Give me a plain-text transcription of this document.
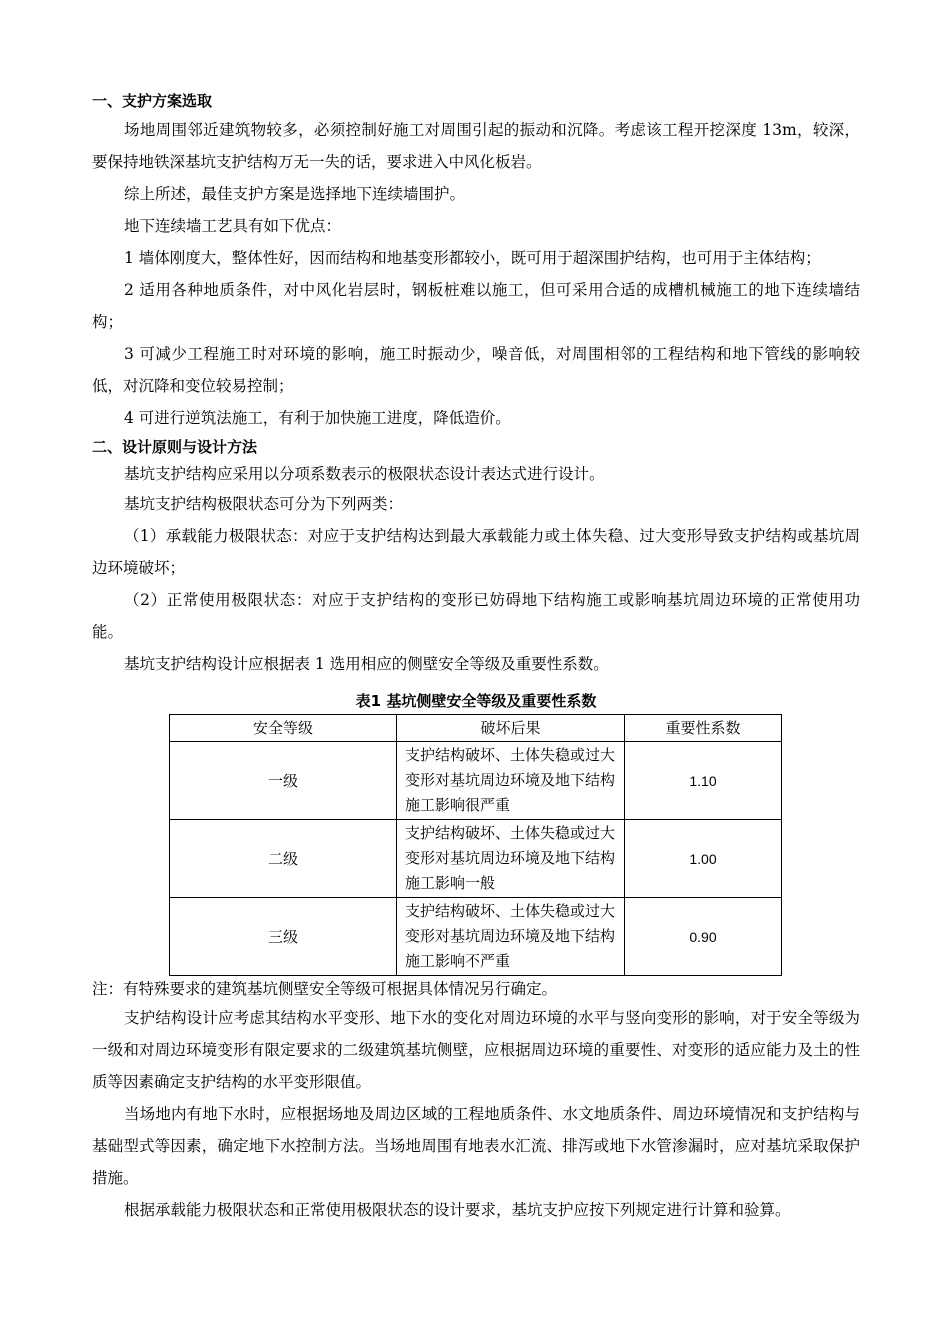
一、支护方案选取

场地周围邻近建筑物较多，必须控制好施工对周围引起的振动和沉降。考虑该工程开挖深度 13m，较深，要保持地铁深基坑支护结构万无一失的话，要求进入中风化板岩。

综上所述，最佳支护方案是选择地下连续墙围护。

地下连续墙工艺具有如下优点：

1 墙体刚度大，整体性好，因而结构和地基变形都较小，既可用于超深围护结构，也可用于主体结构；

2 适用各种地质条件，对中风化岩层时，钢板桩难以施工，但可采用合适的成槽机械施工的地下连续墙结构；

3 可减少工程施工时对环境的影响，施工时振动少，噪音低，对周围相邻的工程结构和地下管线的影响较低，对沉降和变位较易控制；

4 可进行逆筑法施工，有利于加快施工进度，降低造价。

二、设计原则与设计方法

基坑支护结构应采用以分项系数表示的极限状态设计表达式进行设计。

基坑支护结构极限状态可分为下列两类：

（1）承载能力极限状态：对应于支护结构达到最大承载能力或土体失稳、过大变形导致支护结构或基坑周边环境破坏；

（2）正常使用极限状态：对应于支护结构的变形已妨碍地下结构施工或影响基坑周边环境的正常使用功能。

基坑支护结构设计应根据表 1 选用相应的侧壁安全等级及重要性系数。

表1 基坑侧壁安全等级及重要性系数
安全等级	破坏后果	重要性系数
一级	支护结构破坏、土体失稳或过大变形对基坑周边环境及地下结构施工影响很严重	1.10
二级	支护结构破坏、土体失稳或过大变形对基坑周边环境及地下结构施工影响一般	1.00
三级	支护结构破坏、土体失稳或过大变形对基坑周边环境及地下结构施工影响不严重	0.90

注：有特殊要求的建筑基坑侧壁安全等级可根据具体情况另行确定。

支护结构设计应考虑其结构水平变形、地下水的变化对周边环境的水平与竖向变形的影响，对于安全等级为一级和对周边环境变形有限定要求的二级建筑基坑侧壁，应根据周边环境的重要性、对变形的适应能力及土的性质等因素确定支护结构的水平变形限值。

当场地内有地下水时，应根据场地及周边区域的工程地质条件、水文地质条件、周边环境情况和支护结构与基础型式等因素，确定地下水控制方法。当场地周围有地表水汇流、排泻或地下水管渗漏时，应对基坑采取保护措施。

根据承载能力极限状态和正常使用极限状态的设计要求，基坑支护应按下列规定进行计算和验算。
